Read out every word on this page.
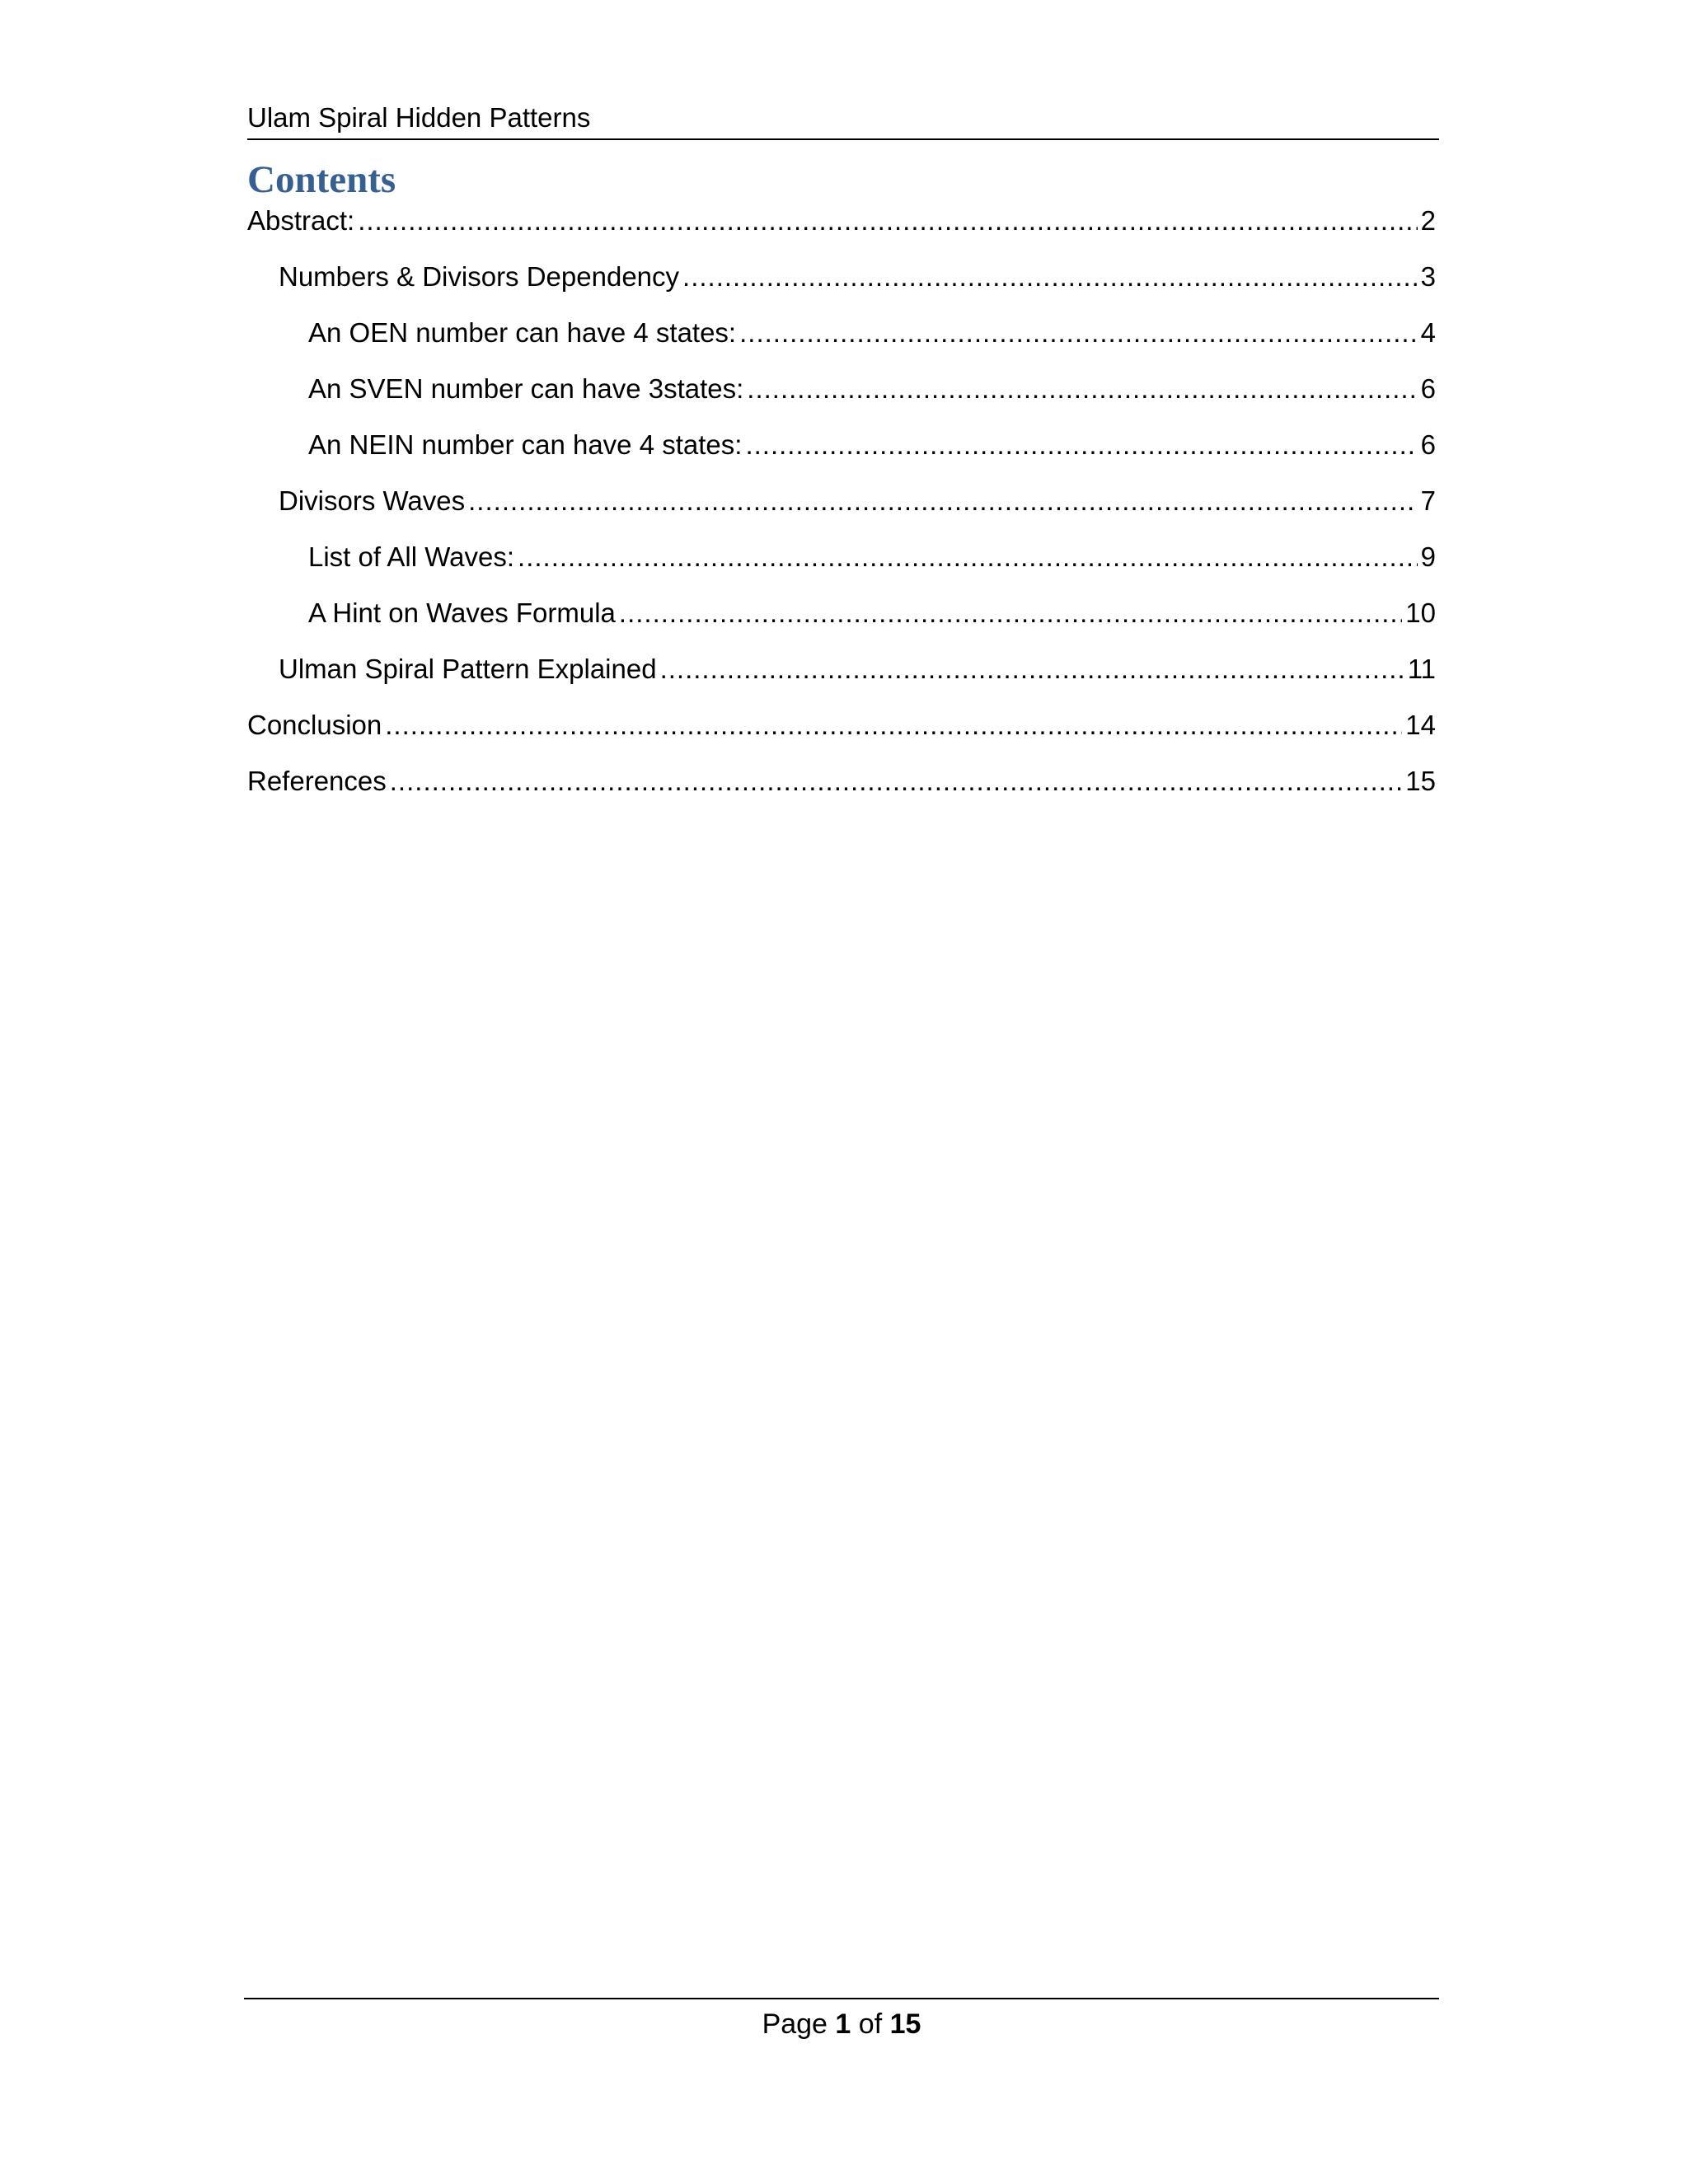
Ulam Spiral Hidden Patterns
Contents
Abstract: .....	2
Numbers & Divisors Dependency .....	3
An OEN number can have 4 states: .....	4
An SVEN number can have 3states: .....	6
An NEIN number can have 4 states: .....	6
Divisors Waves .....	7
List of All Waves: .....	9
A Hint on Waves Formula .....	10
Ulman Spiral Pattern Explained .....	11
Conclusion .....	14
References .....	15
Page 1 of 15
